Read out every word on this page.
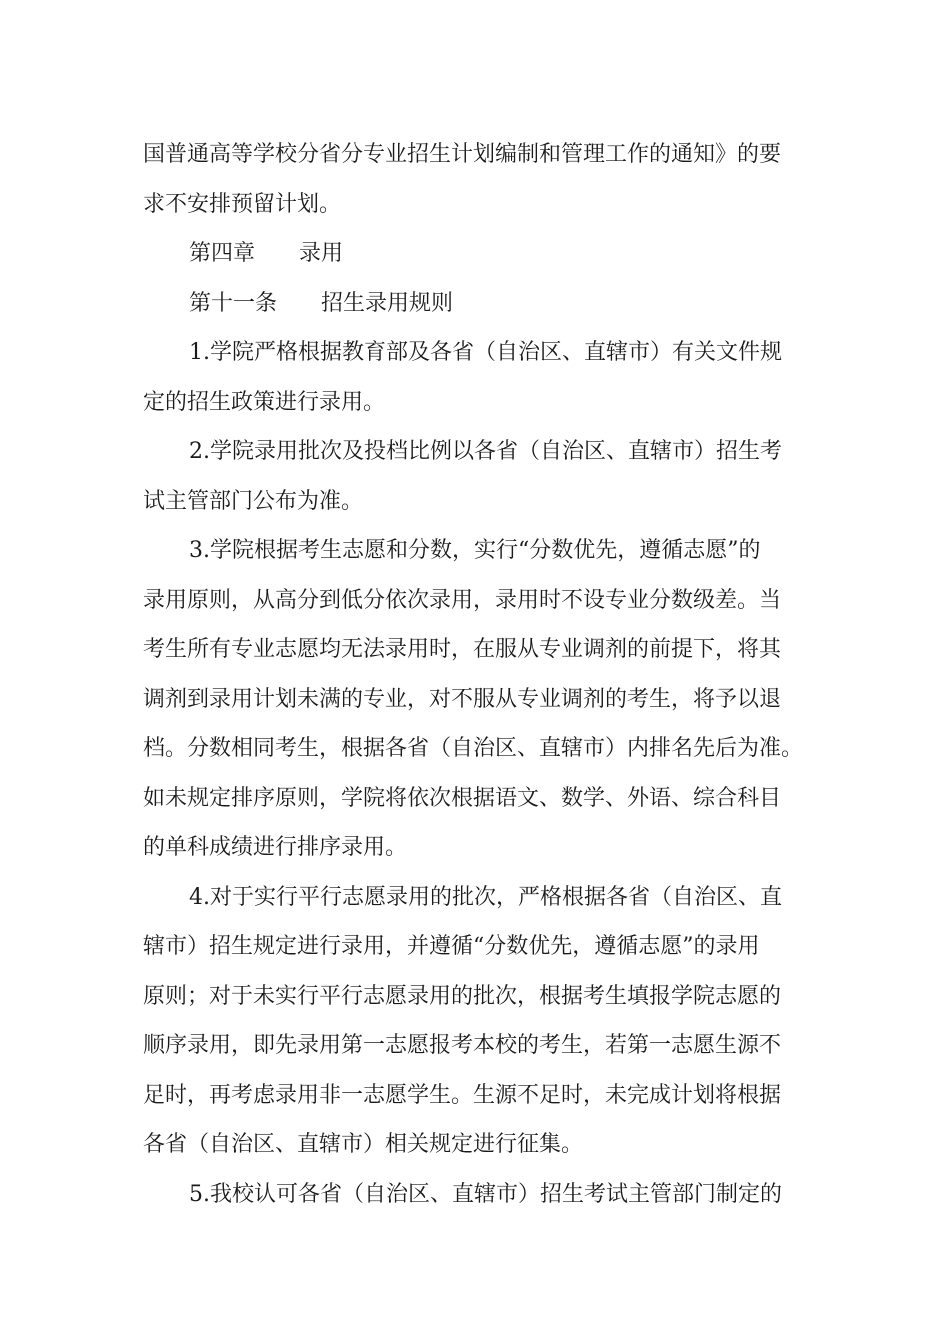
国普通高等学校分省分专业招生计划编制和管理工作的通知》的要
求不安排预留计划。
第四章　　录用
第十一条　　招生录用规则
1.学院严格根据教育部及各省（自治区、直辖市）有关文件规
定的招生政策进行录用。
2.学院录用批次及投档比例以各省（自治区、直辖市）招生考
试主管部门公布为准。
3.学院根据考生志愿和分数，实行“分数优先，遵循志愿”的
录用原则，从高分到低分依次录用，录用时不设专业分数级差。当
考生所有专业志愿均无法录用时，在服从专业调剂的前提下，将其
调剂到录用计划未满的专业，对不服从专业调剂的考生，将予以退
档。分数相同考生，根据各省（自治区、直辖市）内排名先后为准。
如未规定排序原则，学院将依次根据语文、数学、外语、综合科目
的单科成绩进行排序录用。
4.对于实行平行志愿录用的批次，严格根据各省（自治区、直
辖市）招生规定进行录用，并遵循“分数优先，遵循志愿”的录用
原则；对于未实行平行志愿录用的批次，根据考生填报学院志愿的
顺序录用，即先录用第一志愿报考本校的考生，若第一志愿生源不
足时，再考虑录用非一志愿学生。生源不足时，未完成计划将根据
各省（自治区、直辖市）相关规定进行征集。
5.我校认可各省（自治区、直辖市）招生考试主管部门制定的
